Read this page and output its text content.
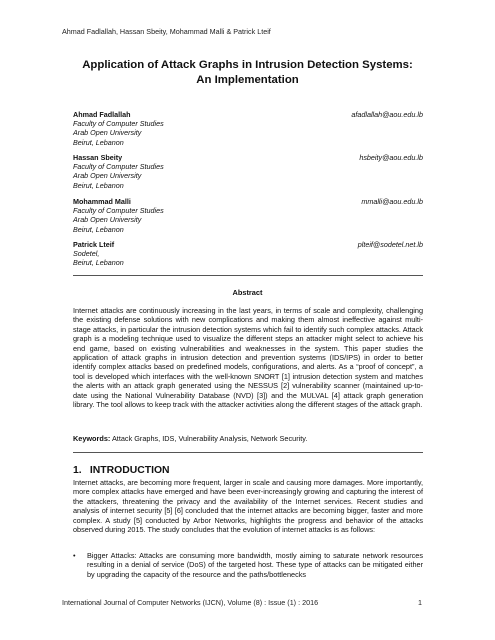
Ahmad Fadlallah, Hassan Sbeity, Mohammad Malli & Patrick Lteif
Application of Attack Graphs in Intrusion Detection Systems:
An Implementation
Ahmad Fadlallah	afadlallah@aou.edu.lb
Faculty of Computer Studies
Arab Open University
Beirut, Lebanon
Hassan Sbeity	hsbeity@aou.edu.lb
Faculty of Computer Studies
Arab Open University
Beirut, Lebanon
Mohammad Malli	mmalli@aou.edu.lb
Faculty of Computer Studies
Arab Open University
Beirut, Lebanon
Patrick Lteif	plteif@sodetel.net.lb
Sodetel,
Beirut, Lebanon
Abstract
Internet attacks are continuously increasing in the last years, in terms of scale and complexity, challenging the existing defense solutions with new complications and making them almost ineffective against multi-stage attacks, in particular the intrusion detection systems which fail to identify such complex attacks. Attack graph is a modeling technique used to visualize the different steps an attacker might select to achieve his end game, based on existing vulnerabilities and weaknesses in the system. This paper studies the application of attack graphs in intrusion detection and prevention systems (IDS/IPS) in order to better identify complex attacks based on predefined models, configurations, and alerts. As a “proof of concept”, a tool is developed which interfaces with the well-known SNORT [1] intrusion detection system and matches the alerts with an attack graph generated using the NESSUS [2] vulnerability scanner (maintained up-to-date using the National Vulnerability Database (NVD) [3]) and the MULVAL [4] attack graph generation library. The tool allows to keep track with the attacker activities along the different stages of the attack graph.
Keywords: Attack Graphs, IDS, Vulnerability Analysis, Network Security.
1. INTRODUCTION
Internet attacks, are becoming more frequent, larger in scale and causing more damages. More importantly, more complex attacks have emerged and have been ever-increasingly growing and capturing the interest of the attackers, threatening the privacy and the availability of the Internet services. Recent studies and analysis of internet security [5] [6] concluded that the internet attacks are becoming bigger, faster and more complex. A study [5] conducted by Arbor Networks, highlights the progress and behavior of the attacks observed during 2015. The study concludes that the evolution of internet attacks is as follows:
• Bigger Attacks: Attacks are consuming more bandwidth, mostly aiming to saturate network resources resulting in a denial of service (DoS) of the targeted host. These type of attacks can be mitigated either by upgrading the capacity of the resource and the paths/bottlenecks
International Journal of Computer Networks (IJCN), Volume (8) : Issue (1) : 2016	1
